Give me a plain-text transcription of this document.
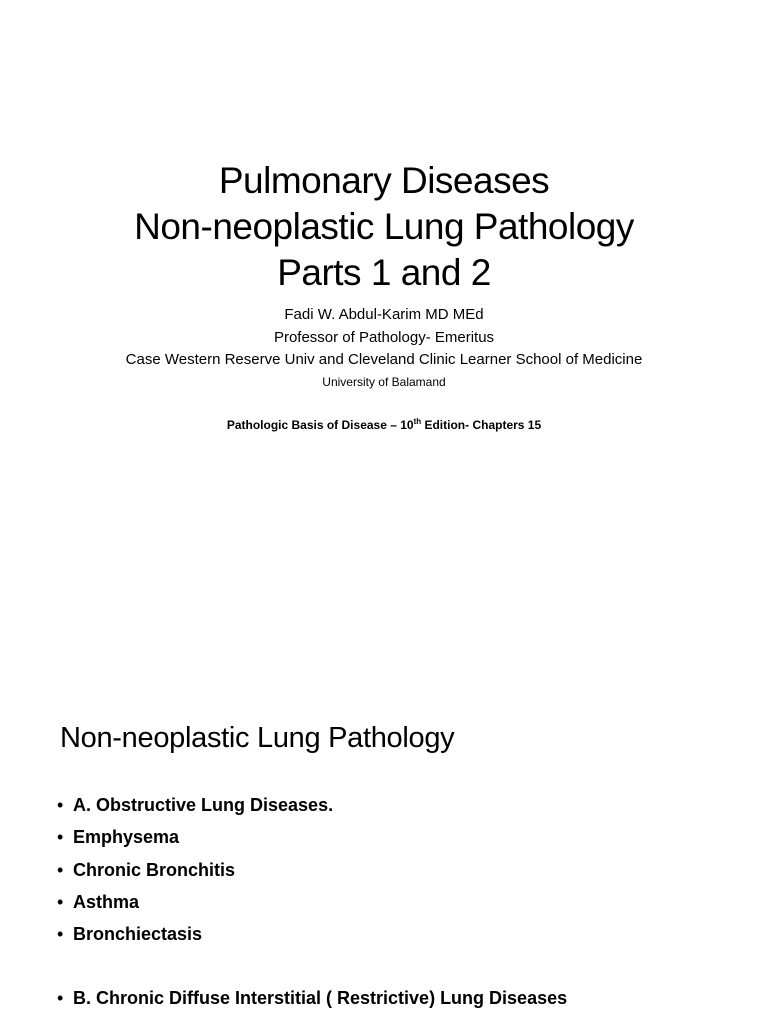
Pulmonary Diseases
Non-neoplastic Lung Pathology
Parts 1 and 2
Fadi W. Abdul-Karim MD MEd
Professor of Pathology- Emeritus
Case Western Reserve Univ and Cleveland Clinic Learner School of Medicine
University of Balamand
Pathologic Basis of Disease – 10th Edition- Chapters 15
Non-neoplastic Lung Pathology
• A. Obstructive Lung Diseases.
• Emphysema
• Chronic Bronchitis
• Asthma
• Bronchiectasis
• B. Chronic Diffuse Interstitial ( Restrictive) Lung Diseases
